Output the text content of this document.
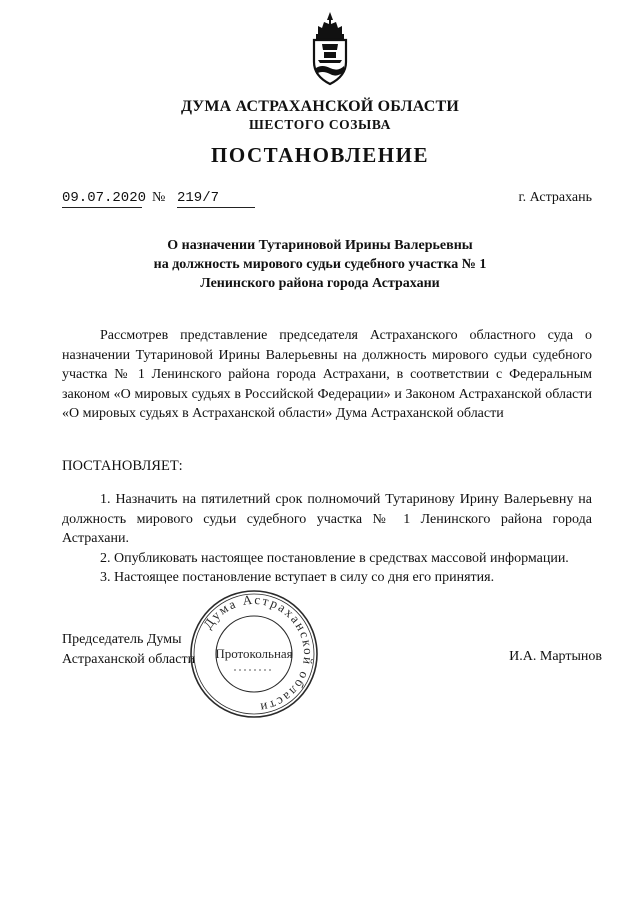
ДУМА АСТРАХАНСКОЙ ОБЛАСТИ
ШЕСТОГО СОЗЫВА
ПОСТАНОВЛЕНИЕ
09.07.2020 № 219/7	г. Астрахань
О назначении Тутариновой Ирины Валерьевны
на должность мирового судьи судебного участка № 1
Ленинского района города Астрахани
Рассмотрев представление председателя Астраханского областного суда о назначении Тутариновой Ирины Валерьевны на должность мирового судьи судебного участка № 1 Ленинского района города Астрахани, в соответствии с Федеральным законом «О мировых судьях в Российской Федерации» и Законом Астраханской области «О мировых судьях в Астраханской области» Дума Астраханской области
ПОСТАНОВЛЯЕТ:

1. Назначить на пятилетний срок полномочий Тутаринову Ирину Валерьевну на должность мирового судьи судебного участка № 1 Ленинского района города Астрахани.

2. Опубликовать настоящее постановление в средствах массовой информации.

3. Настоящее постановление вступает в силу со дня его принятия.

Председатель Думы
Астраханской области	И.А. Мартынов
Дума Астраханской области
Протокольная
